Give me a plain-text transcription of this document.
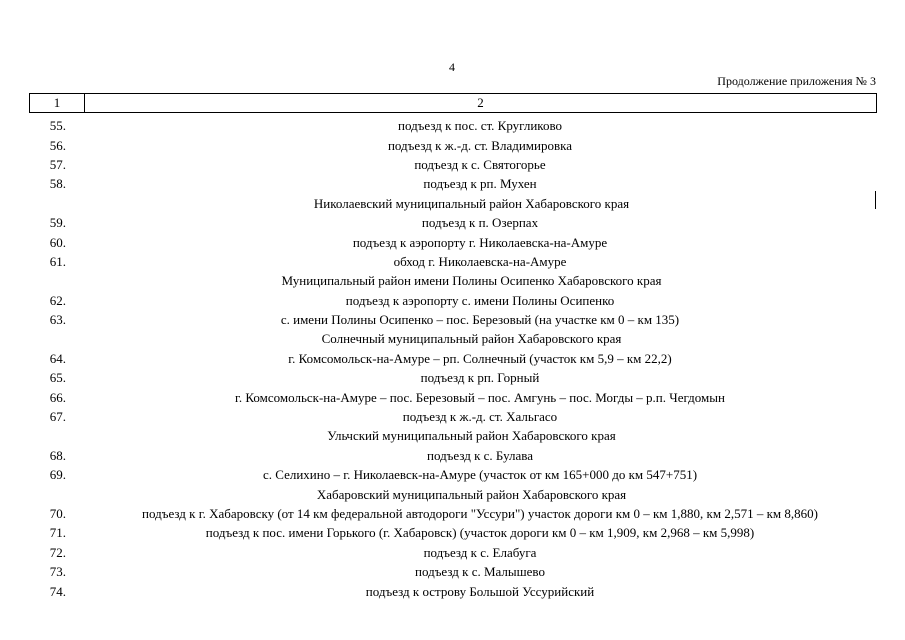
4
Продолжение приложения № 3
1	2
55.	подъезд к пос. ст. Кругликово
56.	подъезд к ж.-д. ст. Владимировка
57.	подъезд к с. Святогорье
58.	подъезд к рп. Мухен
Николаевский муниципальный район Хабаровского края
59.	подъезд к п. Озерпах
60.	подъезд к аэропорту г. Николаевска-на-Амуре
61.	обход г. Николаевска-на-Амуре
Муниципальный район имени Полины Осипенко Хабаровского края
62.	подъезд к аэропорту с. имени Полины Осипенко
63.	с. имени Полины Осипенко – пос. Березовый (на участке км 0 – км 135)
Солнечный муниципальный район Хабаровского края
64.	г. Комсомольск-на-Амуре – рп. Солнечный (участок км 5,9 – км 22,2)
65.	подъезд к рп. Горный
66.	г. Комсомольск-на-Амуре – пос. Березовый – пос. Амгунь – пос. Могды – р.п. Чегдомын
67.	подъезд к ж.-д. ст. Хальгасо
Ульчский муниципальный район Хабаровского края
68.	подъезд к с. Булава
69.	с. Селихино – г. Николаевск-на-Амуре (участок от км 165+000 до км 547+751)
Хабаровский муниципальный район Хабаровского края
70.	подъезд к г. Хабаровску (от 14 км федеральной автодороги "Уссури") участок дороги км 0 – км 1,880, км 2,571 – км 8,860)
71.	подъезд к пос. имени Горького (г. Хабаровск) (участок дороги км 0 – км 1,909, км 2,968 – км 5,998)
72.	подъезд к с. Елабуга
73.	подъезд к с. Малышево
74.	подъезд к острову Большой Уссурийский
